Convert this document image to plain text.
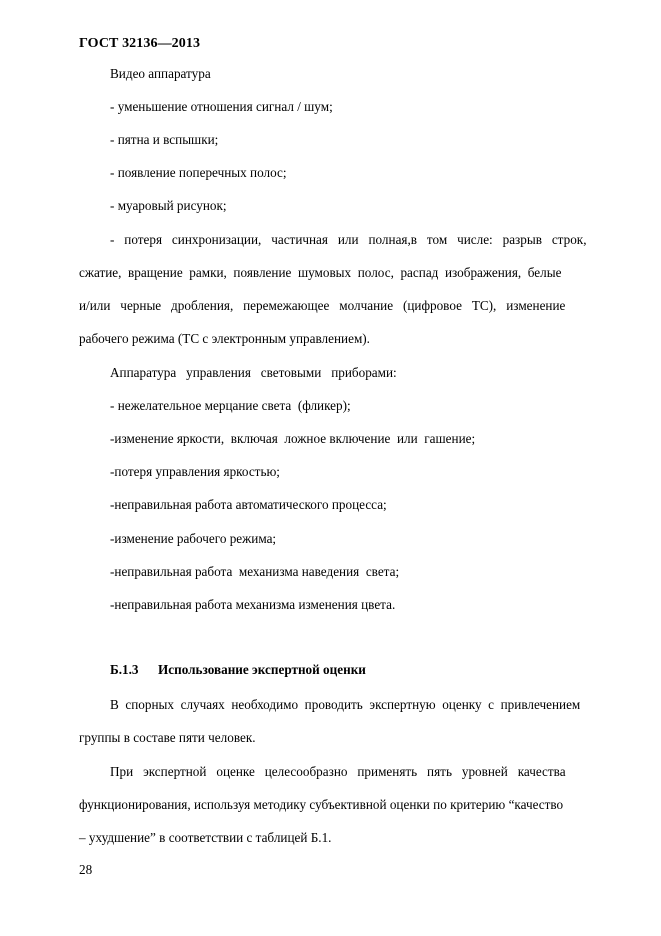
ГОСТ 32136—2013
Видео аппаратура
- уменьшение отношения сигнал / шум;
- пятна и вспышки;
- появление поперечных полос;
- муаровый рисунок;
-   потеря   синхронизации,   частичная   или   полная,в   том   числе:   разрыв   строк,
сжатие,  вращение  рамки,  появление  шумовых  полос,  распад  изображения,  белые
и/или   черные   дробления,   перемежающее   молчание   (цифровое   ТС),   изменение
рабочего режима (ТС с электронным управлением).
Аппаратура   управления   световыми   приборами:
- нежелательное мерцание света  (фликер);
-изменение яркости,  включая  ложное включение  или  гашение;
-потеря управления яркостью;
-неправильная работа автоматического процесса;
-изменение рабочего режима;
-неправильная работа  механизма наведения  света;
-неправильная работа механизма изменения цвета.
Б.1.3 Использование экспертной оценки
В  спорных  случаях  необходимо  проводить  экспертную  оценку  с  привлечением
группы в составе пяти человек.
При   экспертной   оценке   целесообразно   применять   пять   уровней   качества
функционирования, используя методику субъективной оценки по критерию “качество
– ухудшение” в соответствии с таблицей Б.1.
28
